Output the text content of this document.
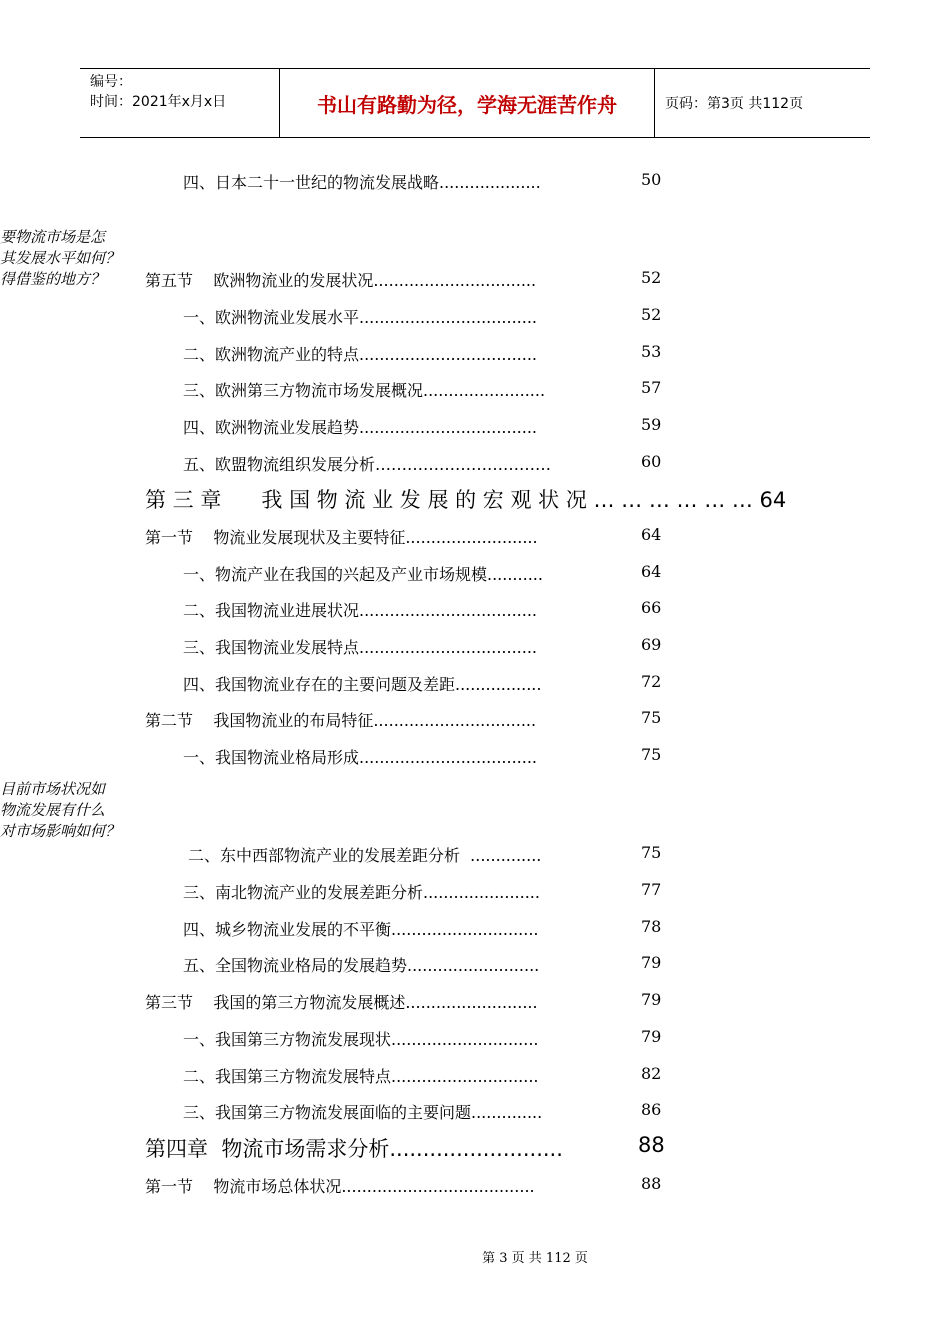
编号：
时间：2021年x月x日	书山有路勤为径，学海无涯苦作舟	页码：第3页 共112页
要物流市场是怎
其发展水平如何？
得借鉴的地方？
目前市场状况如
物流发展有什么
对市场影响如何？
四、日本二十一世纪的物流发展战略....................	50
第五节    欧洲物流业的发展状况................................	52
一、欧洲物流业发展水平...................................	52
二、欧洲物流产业的特点...................................	53
三、欧洲第三方物流市场发展概况........................	57
四、欧洲物流业发展趋势...................................	59
五、欧盟物流组织发展分析……………………………	60
第 三 章      我 国 物 流 业 发 展 的 宏 观 状 况 … … … … … … 64
第一节    物流业发展现状及主要特征..........................	64
一、物流产业在我国的兴起及产业市场规模...........	64
二、我国物流业进展状况...................................	66
三、我国物流业发展特点...................................	69
四、我国物流业存在的主要问题及差距.................	72
第二节    我国物流业的布局特征................................	75
一、我国物流业格局形成...................................	75
二、东中西部物流产业的发展差距分析  ..............	75
三、南北物流产业的发展差距分析.......................	77
四、城乡物流业发展的不平衡.............................	78
五、全国物流业格局的发展趋势..........................	79
第三节    我国的第三方物流发展概述..........................	79
一、我国第三方物流发展现状.............................	79
二、我国第三方物流发展特点.............................	82
三、我国第三方物流发展面临的主要问题..............	86
第四章  物流市场需求分析..........................	88
第一节    物流市场总体状况......................................	88
第 3 页 共 112 页
